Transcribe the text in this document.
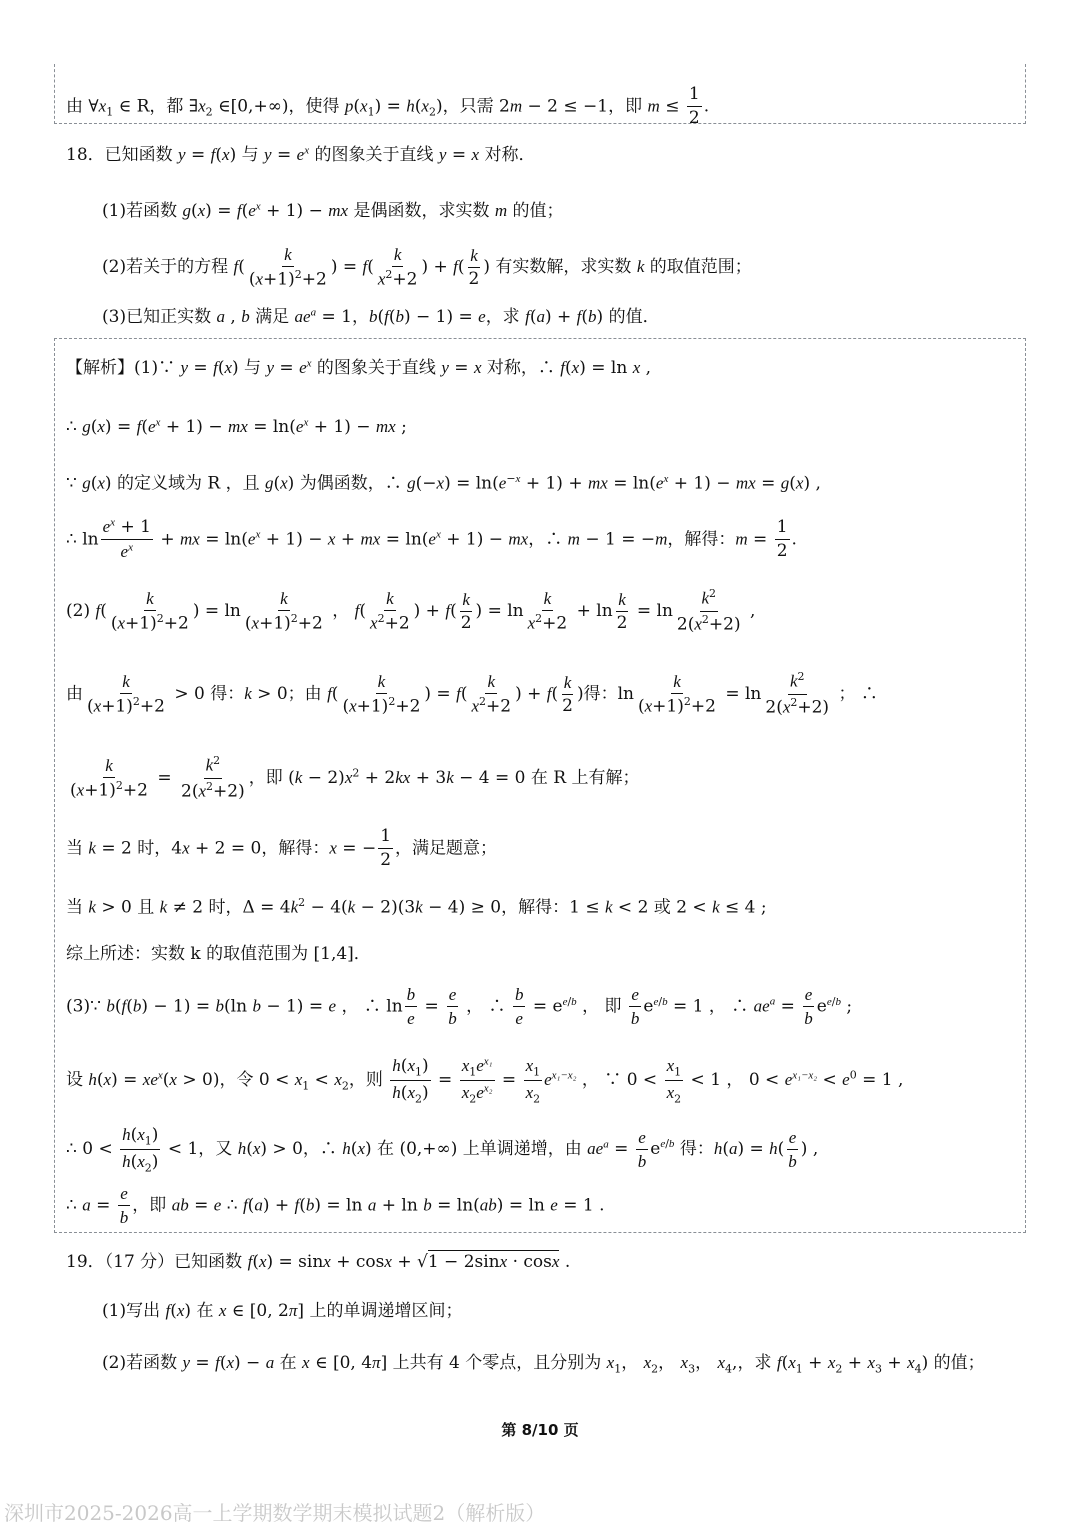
由 $\forall x_1$ ∈ R，都 $\exists x_2$ ∈[0,+∞)，使得 $p(x_1) = h(x_2)$，只需 2m − 2 ≤ −1，即 $m \le \frac{1}{2}$ .
18．已知函数 y = f(x) 与 $y = e^x$ 的图象关于直线 y = x 对称．
(1)若函数 $g(x) = f(e^x + 1)$ − mx 是偶函数，求实数 m 的值；
(2)若关于的方程 $f( \frac{k}{(x+1)^2+2}$ ) = $f( \frac{k}{x^2+2}$ ) + $f( \frac{k}{2}$ ) 有实数解，求实数 k 的取值范围；
(3)已知正实数 a , b 满足 $ae^a = 1$，b(f(b) − 1) = e，求 f(a) + f(b) 的值．
【解析】(1)∵ y = f(x) 与 $y = e^x$ 的图象关于直线 y = x 对称，∴ f(x) = ln x ,
∴ $g(x) = f(e^x + 1)$ − mx = $\ln(e^x + 1)$ − mx ;
∵ g(x) 的定义域为 R ，且 g(x) 为偶函数，∴ $g(-x) = \ln(e^{-x} + 1)$ + mx = $\ln(e^x + 1)$ − mx = g(x) ,
∴ $\ln \frac{e^x + 1}{e^x}$ + mx = $\ln(e^x + 1) - x$ + mx = $\ln(e^x + 1)$ − mx，∴ m − 1 = −m，解得：$m = \frac{1}{2}$ .
(2) $f( \frac{k}{(x+1)^2+2}$ ) = $\ln \frac{k}{(x+1)^2+2}$ ， $f( \frac{k}{x^2+2}$ ) + $f( \frac{k}{2}$ ) = $\ln \frac{k}{x^2+2} + \ln \frac{k}{2} = \ln \frac{k^2}{2(x^2+2)}$ ,
由 $\frac{k}{(x+1)^2+2} > 0$ 得：k > 0；由 $f( \frac{k}{(x+1)^2+2}$ ) = $f( \frac{k}{x^2+2}$ ) + $f( \frac{k}{2}$ )得：$\ln \frac{k}{(x+1)^2+2} = \ln \frac{k^2}{2(x^2+2)}$ ； ∴
$\frac{k}{(x+1)^2+2} = \frac{k^2}{2(x^2+2)}$ ，即 $(k - 2)x^2 + 2kx + 3k - 4 = 0$ 在 R 上有解；
当 k = 2 时，4x + 2 = 0，解得：x = − $\frac{1}{2}$ ，满足题意；
当 k > 0 且 k ≠ 2 时，$\Delta = 4k^2 - 4(k - 2)(3k - 4) \ge 0$，解得：1 ≤ k < 2 或 2 < k ≤ 4 ;
综上所述：实数 k 的取值范围为 [1,4]．
(3)∵ b(f(b) − 1) = b(ln b − 1) = e ， ∴ $\ln \frac{b}{e} = \frac{e}{b}$ ， ∴ $\frac{b}{e} = e^{e/b}$ ， 即 $\frac{e}{b} e^{e/b} = 1$ ， ∴ $ae^a = \frac{e}{b} e^{e/b}$ ;
设 $h(x) = xe^x(x > 0)$，令 $0 < x_1 < x_2$，则 $\frac{h(x_1)}{h(x_2)} = \frac{x_1e^{x_1}}{x_2e^{x_2}} = \frac{x_1}{x_2} e^{x_1-x_2}$ ， ∵ $0 < \frac{x_1}{x_2} < 1$ ， $0 < e^{x_1-x_2} < e^0 = 1$ ,
∴ $0 < \frac{h(x_1)}{h(x_2)} < 1$，又 h(x) > 0，∴ h(x) 在 (0,+∞) 上单调递增，由 $ae^a = \frac{e}{b} e^{e/b}$ 得：$h(a) = h( \frac{e}{b}$ ) ,
∴ $a = \frac{e}{b}$ ，即 ab = e ∴ f(a) + f(b) = ln a + ln b = ln(ab) = ln e = 1 .
19．（17 分）已知函数 f(x) = sinx + cosx + √1 − 2sinx · cosx .
(1)写出 f(x) 在 x ∈ [0, 2π] 上的单调递增区间；
(2)若函数 y = f(x) − a 在 x ∈ [0, 4π] 上共有 4 个零点，且分别为 $x_1$， $x_2$， $x_3$， $x_4$,，求 $f(x_1 + x_2 + x_3 + x_4)$ 的值；
第 8/10 页
深圳市2025-2026高一上学期数学期末模拟试题2（解析版）
